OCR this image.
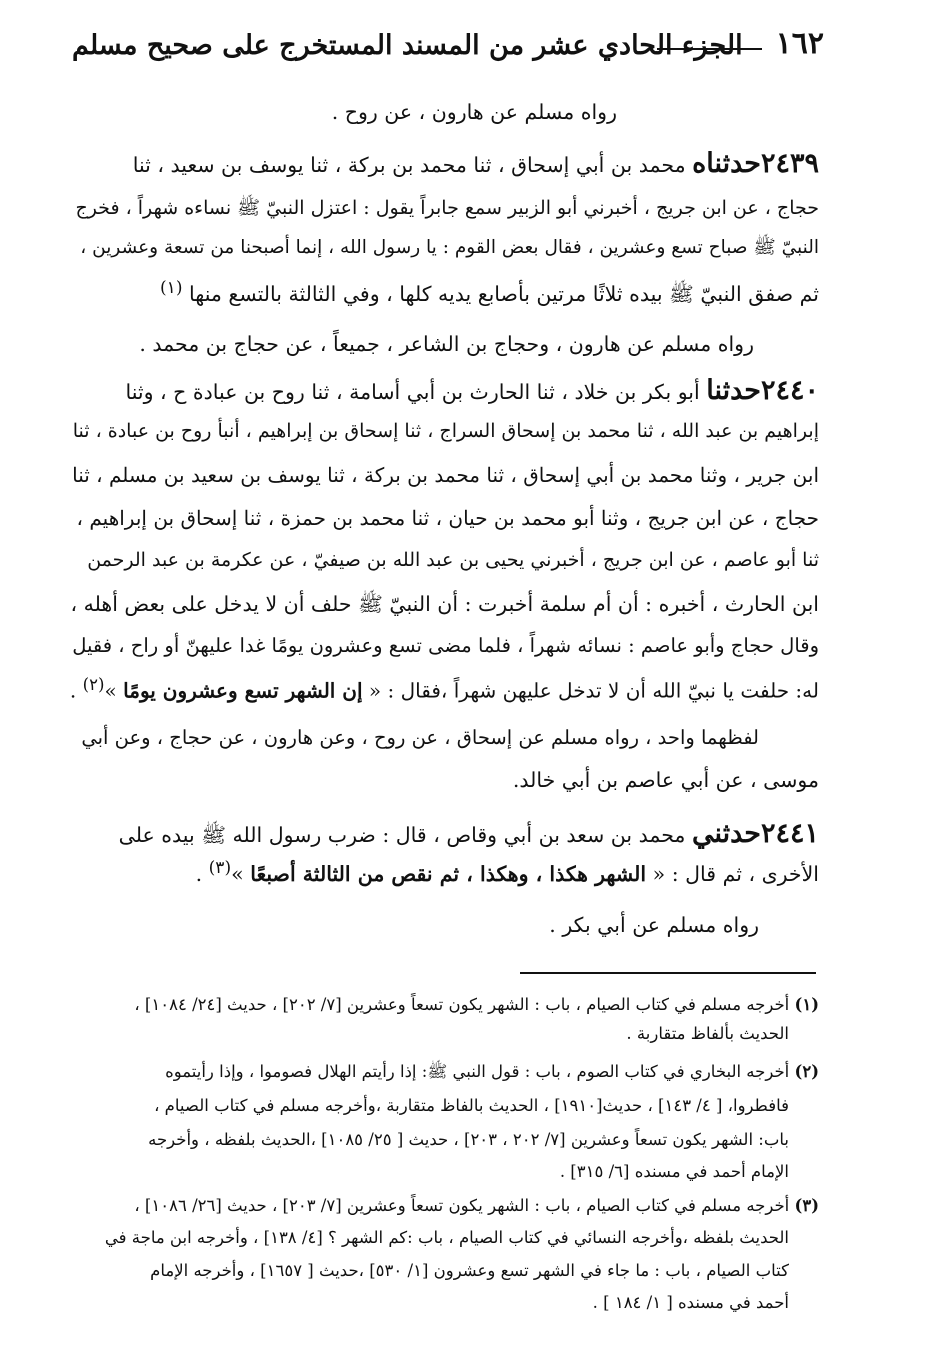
١٦٢
الجزء الحادي عشر من المسند المستخرج على صحيح مسلم
رواه مسلم عن هارون ، عن روح .
٢٤٣٩حدثناه محمد بن أبي إسحاق ، ثنا محمد بن بركة ، ثنا يوسف بن سعيد ، ثنا
حجاج ، عن ابن جريج ، أخبرني أبو الزبير سمع جابراً يقول : اعتزل النبيّ ﷺ نساءه شهراً ، فخرج
النبيّ ﷺ صباح تسع وعشرين ، فقال بعض القوم : يا رسول الله ، إنما أصبحنا من تسعة وعشرين ،
ثم صفق النبيّ ﷺ بيده ثلاثًا مرتين بأصابع يديه كلها ، وفي الثالثة بالتسع منها $^{(١)}$
رواه مسلم عن هارون ، وحجاج بن الشاعر ، جميعاً ، عن حجاج بن محمد .
٢٤٤٠حدثنا أبو بكر بن خلاد ، ثنا الحارث بن أبي أسامة ، ثنا روح بن عبادة ح ، وثنا
إبراهيم بن عبد الله ، ثنا محمد بن إسحاق السراج ، ثنا إسحاق بن إبراهيم ، أنبأ روح بن عبادة ، ثنا
ابن جرير ، وثنا محمد بن أبي إسحاق ، ثنا محمد بن بركة ، ثنا يوسف بن سعيد بن مسلم ، ثنا
حجاج ، عن ابن جريج ، وثنا أبو محمد بن حيان ، ثنا محمد بن حمزة ، ثنا إسحاق بن إبراهيم ،
ثنا أبو عاصم ، عن ابن جريج ، أخبرني يحيى بن عبد الله بن صيفيّ ، عن عكرمة بن عبد الرحمن
ابن الحارث ، أخبره : أن أم سلمة أخبرت : أن النبيّ ﷺ حلف أن لا يدخل على بعض أهله ،
وقال حجاج وأبو عاصم : نسائه شهراً ، فلما مضى تسع وعشرون يومًا غدا عليهنّ أو راح ، فقيل
له: حلفت يا نبيّ الله أن لا تدخل عليهن شهراً ،فقال : « إن الشهر تسع وعشرون يومًا »$^{(٢)}$ .
لفظهما واحد ، رواه مسلم عن إسحاق ، عن روح ، وعن هارون ، عن حجاج ، وعن أبي
موسى ، عن أبي عاصم بن أبي خالد.
٢٤٤١حدثني محمد بن سعد بن أبي وقاص ، قال : ضرب رسول الله ﷺ بيده على
الأخرى ، ثم قال : « الشهر هكذا ، وهكذا ، ثم نقص من الثالثة أصبعًا »$^{(٣)}$ .
رواه مسلم عن أبي بكر .
(١) أخرجه مسلم في كتاب الصيام ، باب : الشهر يكون تسعاً وعشرين [٧/ ٢٠٢] ، حديث [٢٤/ ١٠٨٤] ،
الحديث بألفاظ متقاربة .
(٢) أخرجه البخاري في كتاب الصوم ، باب : قول النبي ﷺ: إذا رأيتم الهلال فصوموا ، وإذا رأيتموه
فافطروا، [ ٤/ ١٤٣] ، حديث[١٩١٠] ، الحديث بالفاظ متقاربة ،وأخرجه مسلم في كتاب الصيام ،
باب: الشهر يكون تسعاً وعشرين [٧/ ٢٠٢ ، ٢٠٣] ، حديث [ ٢٥/ ١٠٨٥] ،الحديث بلفظه ، وأخرجه
الإمام أحمد في مسنده [٦/ ٣١٥] .
(٣) أخرجه مسلم في كتاب الصيام ، باب : الشهر يكون تسعاً وعشرين [٧/ ٢٠٣] ، حديث [٢٦/ ١٠٨٦] ،
الحديث بلفظه ،وأخرجه النسائي في كتاب الصيام ، باب :كم الشهر ؟ [٤/ ١٣٨] ، وأخرجه ابن ماجة في
كتاب الصيام ، باب : ما جاء في الشهر تسع وعشرون [١/ ٥٣٠] ،حديث [ ١٦٥٧] ، وأخرجه الإمام
أحمد في مسنده [ ١/ ١٨٤ ] .
